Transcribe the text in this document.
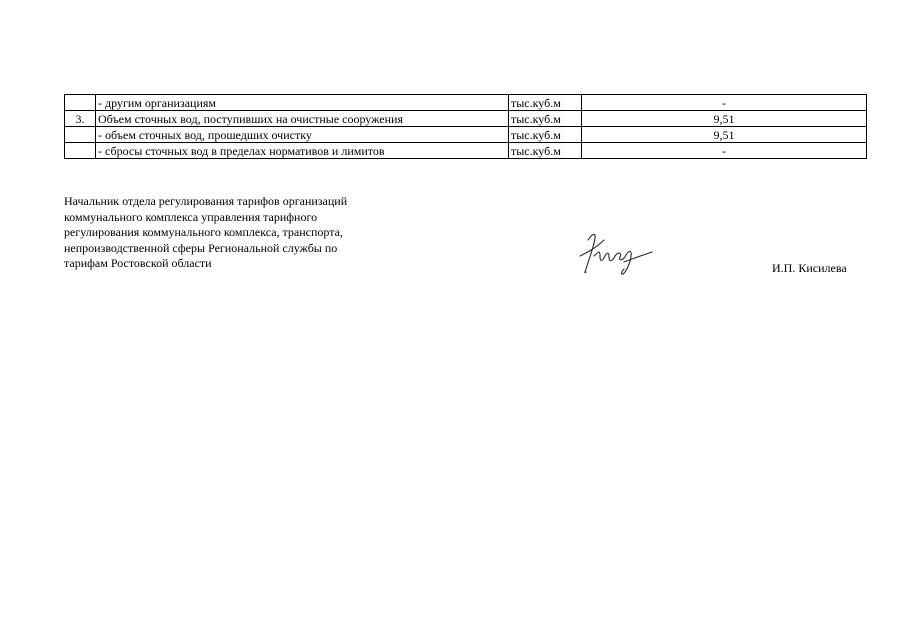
	- другим организациям	тыс.куб.м	-
3.	Объем сточных вод, поступивших на очистные сооружения	тыс.куб.м	9,51
	- объем сточных вод, прошедших очистку	тыс.куб.м	9,51
	- сбросы сточных вод в пределах нормативов и лимитов	тыс.куб.м	-
Начальник отдела регулирования тарифов организаций
коммунального комплекса управления тарифного
регулирования коммунального комплекса, транспорта,
непроизводственной сферы Региональной службы по
тарифам Ростовской области	И.П. Кисилева
